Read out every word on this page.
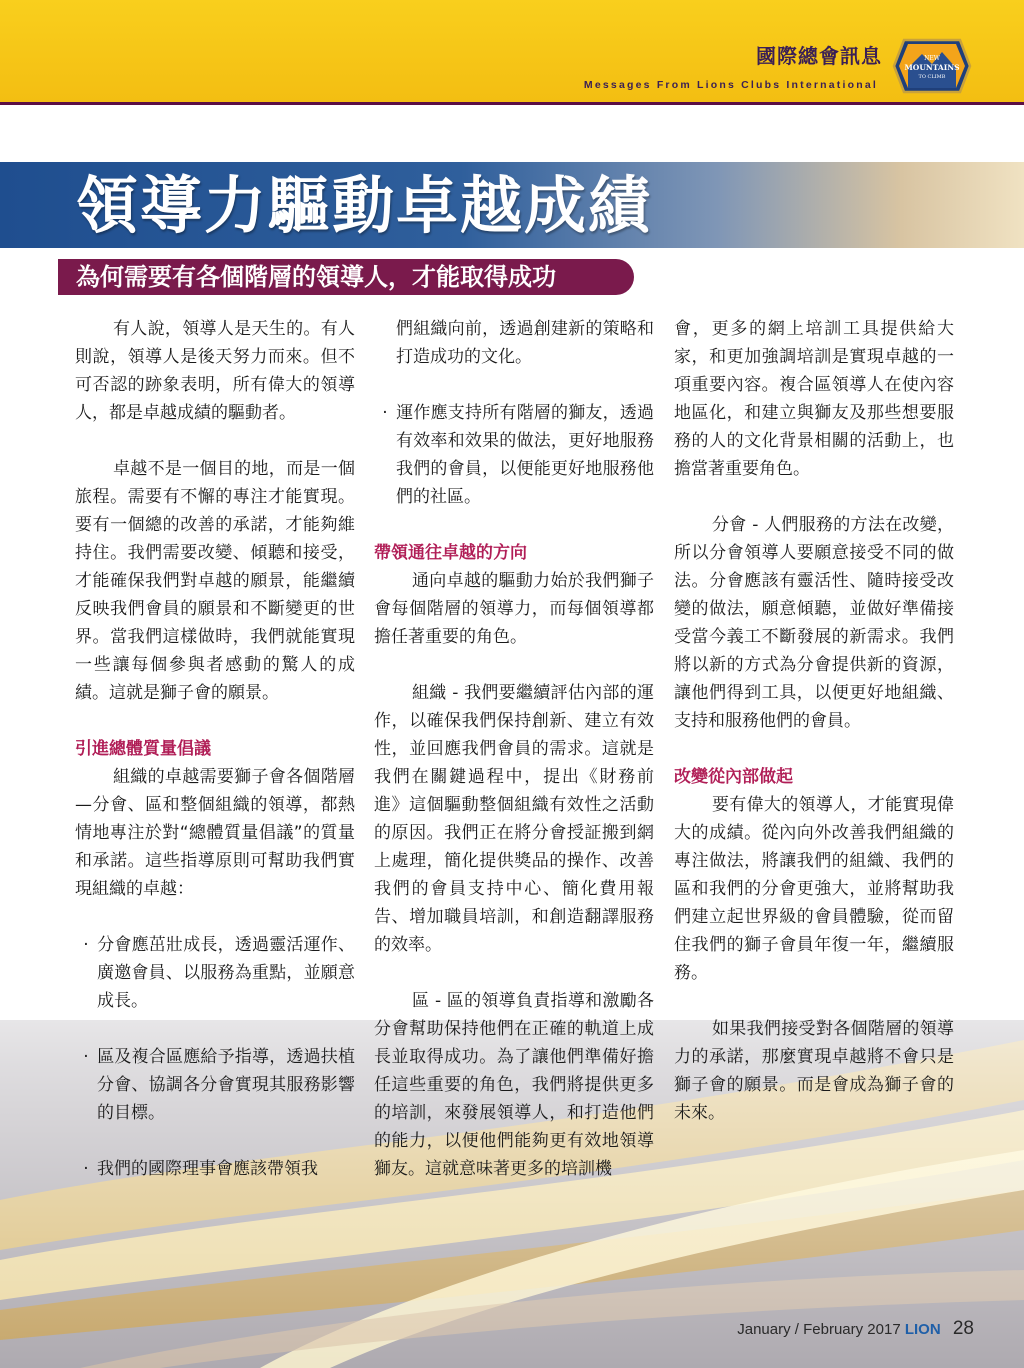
國際總會訊息
Messages From Lions Clubs International
NEW
MOUNTAINS
TO CLIMB
領導力驅動卓越成績
為何需要有各個階層的領導人，才能取得成功

有人說，領導人是天生的。有人則說，領導人是後天努力而來。但不可否認的跡象表明，所有偉大的領導人，都是卓越成績的驅動者。

卓越不是一個目的地，而是一個旅程。需要有不懈的專注才能實現。要有一個總的改善的承諾，才能夠維持住。我們需要改變、傾聽和接受，才能確保我們對卓越的願景，能繼續反映我們會員的願景和不斷變更的世界。當我們這樣做時，我們就能實現一些讓每個參與者感動的驚人的成績。這就是獅子會的願景。

引進總體質量倡議

組織的卓越需要獅子會各個階層—分會、區和整個組織的領導，都熱情地專注於對“總體質量倡議”的質量和承諾。這些指導原則可幫助我們實現組織的卓越：

· 分會應茁壯成長，透過靈活運作、廣邀會員、以服務為重點，並願意成長。

· 區及複合區應給予指導，透過扶植分會、協調各分會實現其服務影響的目標。

· 我們的國際理事會應該帶領我

們組織向前，透過創建新的策略和打造成功的文化。

· 運作應支持所有階層的獅友，透過有效率和效果的做法，更好地服務我們的會員，以便能更好地服務他們的社區。

帶領通往卓越的方向

通向卓越的驅動力始於我們獅子會每個階層的領導力，而每個領導都擔任著重要的角色。

組織 - 我們要繼續評估內部的運作，以確保我們保持創新、建立有效性，並回應我們會員的需求。這就是我們在關鍵過程中，提出《財務前進》這個驅動整個組織有效性之活動的原因。我們正在將分會授証搬到網上處理，簡化提供獎品的操作、改善我們的會員支持中心、簡化費用報告、增加職員培訓，和創造翻譯服務的效率。

區 - 區的領導負責指導和激勵各分會幫助保持他們在正確的軌道上成長並取得成功。為了讓他們準備好擔任這些重要的角色，我們將提供更多的培訓，來發展領導人，和打造他們的能力，以便他們能夠更有效地領導獅友。這就意味著更多的培訓機

會，更多的網上培訓工具提供給大家，和更加強調培訓是實現卓越的一項重要內容。複合區領導人在使內容地區化，和建立與獅友及那些想要服務的人的文化背景相關的活動上，也擔當著重要角色。

分會 - 人們服務的方法在改變，所以分會領導人要願意接受不同的做法。分會應該有靈活性、隨時接受改變的做法，願意傾聽，並做好準備接受當今義工不斷發展的新需求。我們將以新的方式為分會提供新的資源，讓他們得到工具，以便更好地組織、支持和服務他們的會員。

改變從內部做起

要有偉大的領導人，才能實現偉大的成績。從內向外改善我們組織的專注做法，將讓我們的組織、我們的區和我們的分會更強大，並將幫助我們建立起世界級的會員體驗，從而留住我們的獅子會員年復一年，繼續服務。

如果我們接受對各個階層的領導力的承諾，那麼實現卓越將不會只是獅子會的願景。而是會成為獅子會的未來。

January / February 2017 LION 28
